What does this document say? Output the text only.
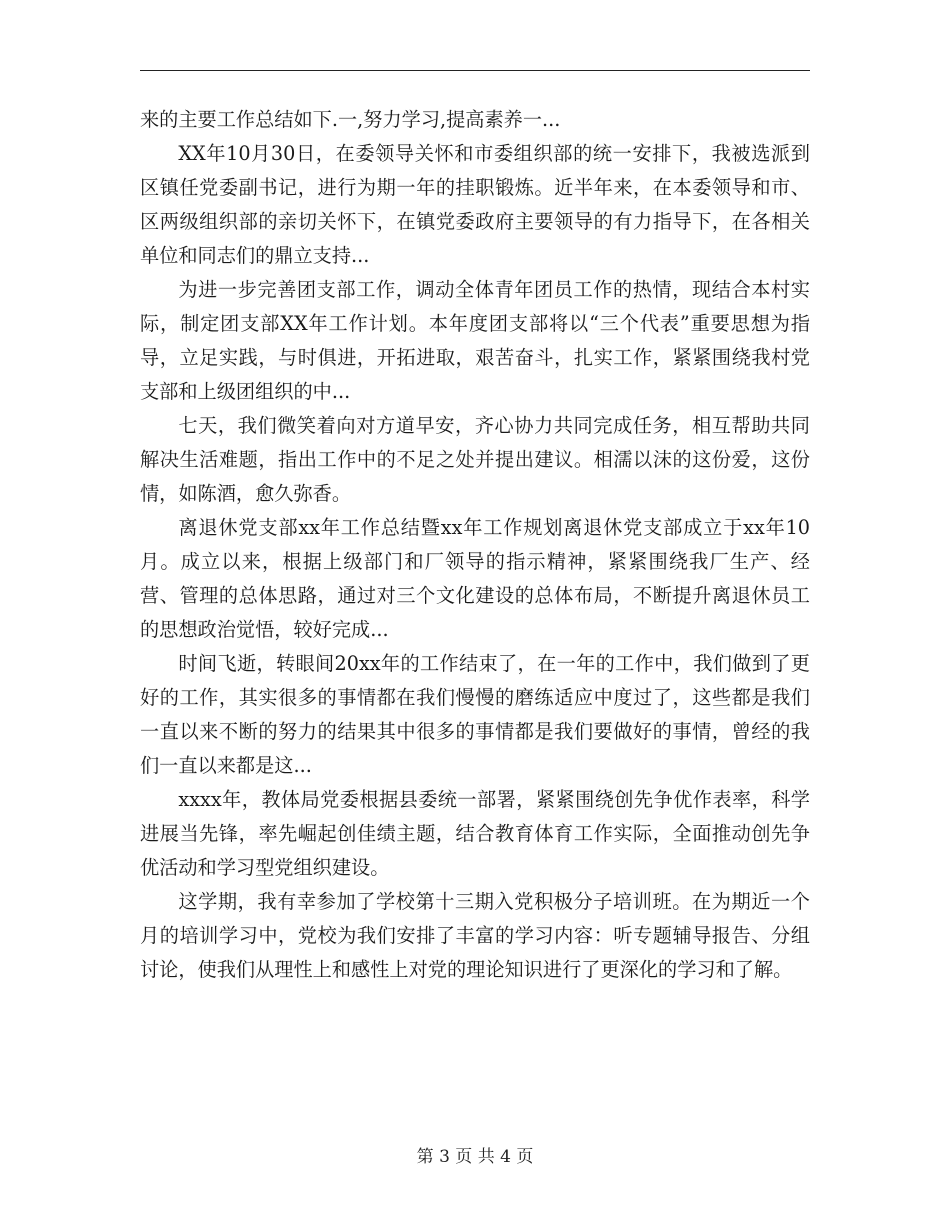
来的主要工作总结如下.一,努力学习,提高素养一...

XX年10月30日，在委领导关怀和市委组织部的统一安排下，我被选派到区镇任党委副书记，进行为期一年的挂职锻炼。近半年来，在本委领导和市、区两级组织部的亲切关怀下，在镇党委政府主要领导的有力指导下，在各相关单位和同志们的鼎立支持...

为进一步完善团支部工作，调动全体青年团员工作的热情，现结合本村实际，制定团支部XX年工作计划。本年度团支部将以“三个代表”重要思想为指导，立足实践，与时俱进，开拓进取，艰苦奋斗，扎实工作，紧紧围绕我村党支部和上级团组织的中...

七天，我们微笑着向对方道早安，齐心协力共同完成任务，相互帮助共同解决生活难题，指出工作中的不足之处并提出建议。相濡以沫的这份爱，这份情，如陈酒，愈久弥香。

离退休党支部xx年工作总结暨xx年工作规划离退休党支部成立于xx年10月。成立以来，根据上级部门和厂领导的指示精神，紧紧围绕我厂生产、经营、管理的总体思路，通过对三个文化建设的总体布局，不断提升离退休员工的思想政治觉悟，较好完成...

时间飞逝，转眼间20xx年的工作结束了，在一年的工作中，我们做到了更好的工作，其实很多的事情都在我们慢慢的磨练适应中度过了，这些都是我们一直以来不断的努力的结果其中很多的事情都是我们要做好的事情，曾经的我们一直以来都是这...

xxxx年，教体局党委根据县委统一部署，紧紧围绕创先争优作表率，科学进展当先锋，率先崛起创佳绩主题，结合教育体育工作实际，全面推动创先争优活动和学习型党组织建设。

这学期，我有幸参加了学校第十三期入党积极分子培训班。在为期近一个月的培训学习中，党校为我们安排了丰富的学习内容：听专题辅导报告、分组讨论，使我们从理性上和感性上对党的理论知识进行了更深化的学习和了解。

第 3 页 共 4 页
